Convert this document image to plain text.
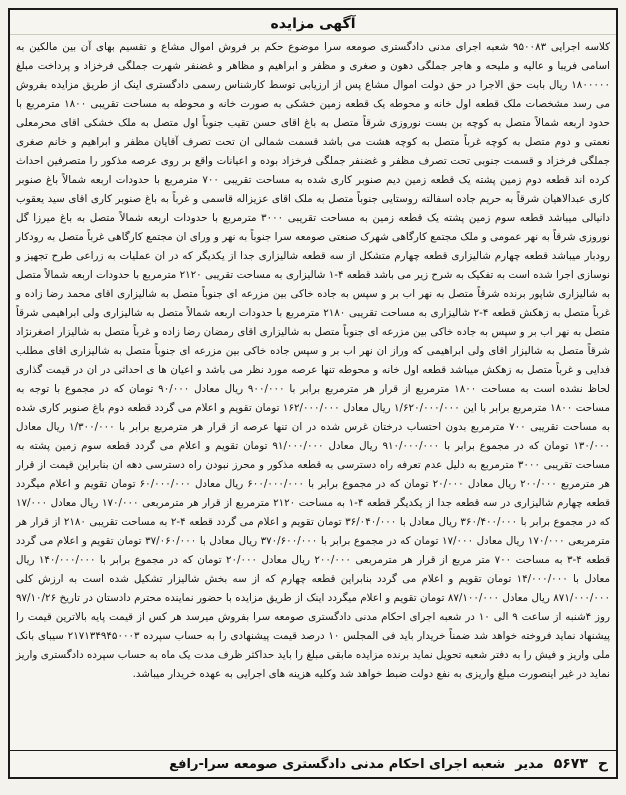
آگهی مزایده
کلاسه اجرایی ۹۵۰۰۸۳ شعبه اجرای مدنی دادگستری صومعه سرا موضوع حکم بر فروش اموال مشاع و تقسیم بهای آن بین مالکین به اسامی فریبا و عالیه و ملیحه و هاجر جملگی دهون و صغری و مظفر و ابراهیم و مظاهر و غضنفر شهرت جملگی فرخزاد و پرداخت مبلغ ۱۸۰۰۰۰۰ ریال بابت حق الاجرا در حق دولت اموال مشاع پس از ارزیابی توسط کارشناس رسمی دادگستری اینک از طریق مزایده بفروش می رسد مشخصات ملک قطعه اول خانه و محوطه یک قطعه زمین خشکی به صورت خانه و محوطه به مساحت تقریبی ۱۸۰۰ مترمربع با حدود اربعه شمالاً متصل به کوچه بن بست نوروزی شرقاً متصل به باغ اقای حسن تقیب جنوباً اول متصل به ملک خشکی اقای محرمعلی نعمتی و دوم متصل به کوچه غرباً متصل به کوچه هشت می باشد قسمت شمالی ان تحت تصرف آقایان مظفر و ابراهیم و خانم صغری جملگی فرخزاد و قسمت جنوبی تحت تصرف مظفر و غضنفر جملگی فرخزاد بوده و اعیانات واقع بر روی عرصه مذکور را متصرفین احداث کرده اند قطعه دوم زمین پشته یک قطعه زمین دیم صنوبر کاری شده به مساحت تقریبی ۷۰۰ مترمربع با حدودات اربعه شمالاً باغ صنوبر کاری عبدالاهیان شرقاً به حریم جاده اسفالته روستایی جنوباً متصل به ملک اقای عزیزاله قاسمی و غرباً به باغ صنوبر کاری اقای سید یعقوب دانیالی میباشد قطعه سوم زمین پشته یک قطعه زمین به مساحت تقریبی ۳۰۰۰ مترمربع با حدودات اربعه شمالاً متصل به باغ میرزا گل نوروزی شرقاً به نهر عمومی و ملک مجتمع کارگاهی شهرک صنعتی صومعه سرا جنوباً به نهر و ورای ان مجتمع کارگاهی غرباً متصل به رودکار رودبار میباشد قطعه چهارم شالیزاری قطعه چهارم متشکل از سه قطعه شالیزاری جدا از یکدیگر که در ان عملیات به زراعی طرح تجهیز و نوسازی اجرا شده است به تفکیک به شرح زیر می باشد قطعه ۴-۱ شالیزاری به مساحت تقریبی ۲۱۲۰ مترمربع با حدودات اربعه شمالاً متصل به شالیزاری شاپور برنده شرقاً متصل به نهر اب بر و سپس به جاده خاکی بین مزرعه ای جنوباً متصل به شالیزاری اقای محمد رضا زاده و غرباً متصل به زهکش قطعه ۴-۲ شالیزاری به مساحت تقریبی ۲۱۸۰ مترمربع با حدودات اربعه شمالاً متصل به شالیزاری ولی ابراهیمی شرقاً متصل به نهر اب بر و سپس به جاده خاکی بین مزرعه ای جنوباً متصل به شالیزاری اقای رمضان رضا زاده و غرباً متصل به شالیزار اصغرنژاد شرقاً متصل به شالیزار اقای ولی ابراهیمی که وراز ان نهر اب بر و سپس جاده خاکی بین مزرعه ای جنوباً متصل به شالیزاری اقای مطلب فدایی و غرباً متصل به زهکش میباشد قطعه اول خانه و محوطه تنها عرصه مورد نظر می باشد و اعیان ها ی احداثی در ان در قیمت گذاری لحاظ نشده است به مساحت ۱۸۰۰ مترمربع از قرار هر مترمربع برابر با ۹۰۰/۰۰۰ ریال معادل ۹۰/۰۰۰ تومان که در مجموع با توجه به مساحت ۱۸۰۰ مترمربع برابر با این ۱/۶۲۰/۰۰۰/۰۰۰ ریال معادل ۱۶۲/۰۰۰/۰۰۰ تومان تقویم و اعلام می گردد قطعه دوم باغ صنوبر کاری شده به مساحت تقریبی ۷۰۰ مترمربع بدون احتساب درختان غرس شده در ان تنها عرصه از قرار هر مترمربع برابر با ۱/۳۰۰/۰۰۰ ریال معادل ۱۳۰/۰۰۰ تومان که در مجموع برابر با ۹۱۰/۰۰۰/۰۰۰ ریال معادل ۹۱/۰۰۰/۰۰۰ تومان تقویم و اعلام می گردد قطعه سوم زمین پشته به مساحت تقریبی ۳۰۰۰ مترمربع به دلیل عدم تعرفه راه دسترسی به قطعه مذکور و محرز نبودن راه دسترسی دهه ان بنابراین قیمت از قرار هر مترمربع ۲۰۰/۰۰۰ ریال معادل ۲۰/۰۰۰ تومان که در مجموع برابر با ۶۰۰/۰۰۰/۰۰۰ ریال معادل ۶۰/۰۰۰/۰۰۰ تومان تقویم و اعلام میگردد قطعه چهارم شالیزاری در سه قطعه جدا از یکدیگر قطعه ۴-۱ به مساحت ۲۱۲۰ مترمربع از قرار هر مترمربعی ۱۷۰/۰۰۰ ریال معادل ۱۷/۰۰۰ که در مجموع برابر با ۳۶۰/۴۰۰/۰۰۰ ریال معادل با ۳۶/۰۴۰/۰۰۰ تومان تقویم و اعلام می گردد قطعه ۴-۲ به مساحت تقریبی ۲۱۸۰ از قرار هر مترمربعی ۱۷۰/۰۰۰ ریال معادل ۱۷/۰۰۰ تومان که در مجموع برابر با ۳۷۰/۶۰۰/۰۰۰ ریال معادل با ۳۷/۰۶۰/۰۰۰ تومان تقویم و اعلام می گردد قطعه ۴-۳ به مساحت ۷۰۰ متر مربع از قرار هر مترمربعی ۲۰۰/۰۰۰ ریال معادل ۲۰/۰۰۰ تومان که در مجموع برابر با ۱۴۰/۰۰۰/۰۰۰ ریال معادل با ۱۴/۰۰۰/۰۰۰ تومان تقویم و اعلام می گردد بنابراین قطعه چهارم که از سه بخش شالیزار تشکیل شده است به ارزش کلی ۸۷۱/۰۰۰/۰۰۰ ریال معادل ۸۷/۱۰۰/۰۰۰ تومان تقویم و اعلام میگردد اینک از طریق مزایده با حضور نماینده محترم دادستان در تاریخ ۹۷/۱۰/۲۶ روز ۴شنبه از ساعت ۹ الی ۱۰ در شعبه اجرای احکام مدنی دادگستری صومعه سرا بفروش میرسد هر کس از قیمت پایه بالاترین قیمت را پیشنهاد نماید فروخته خواهد شد ضمناً خریدار باید فی المجلس ۱۰ درصد قیمت پیشنهادی را به حساب سپرده ۲۱۷۱۳۴۹۴۵۰۰۰۳ سیبای بانک ملی واریز و فیش را به دفتر شعبه تحویل نماید برنده مزایده مابقی مبلغ را باید حداکثر ظرف مدت یک ماه به حساب سپرده دادگستری واریز نماید در غیر اینصورت مبلغ واریزی به نفع دولت ضبط خواهد شد وکلیه هزینه های اجرایی به عهده خریدار میباشد.
ح
۵۶۷۳
مدیر
شعبه اجرای احکام مدنی دادگستری صومعه سرا-رافع
